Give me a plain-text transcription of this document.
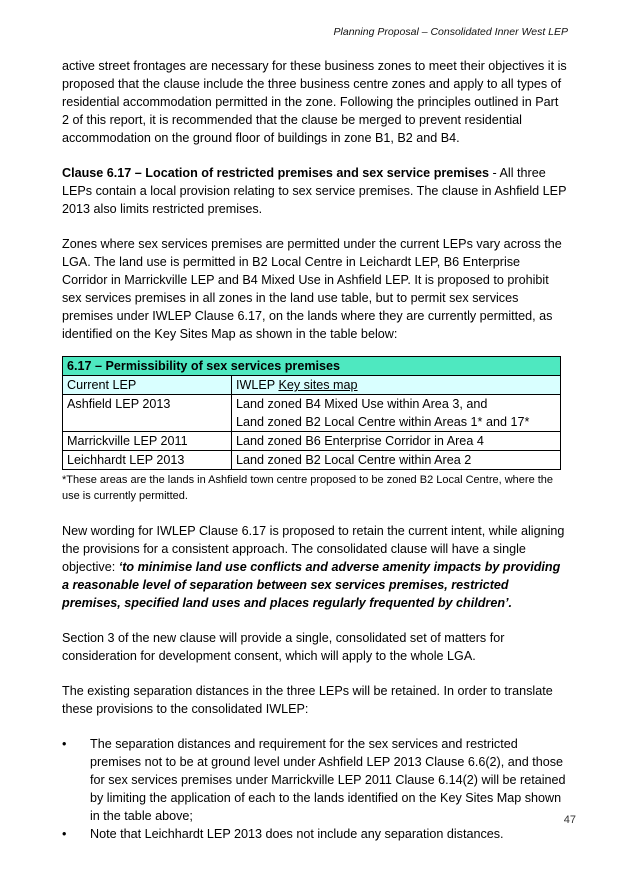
Planning Proposal – Consolidated Inner West LEP

active street frontages are necessary for these business zones to meet their objectives it is proposed that the clause include the three business centre zones and apply to all types of residential accommodation permitted in the zone. Following the principles outlined in Part 2 of this report, it is recommended that the clause be merged to prevent residential accommodation on the ground floor of buildings in zone B1, B2 and B4.

Clause 6.17 – Location of restricted premises and sex service premises - All three LEPs contain a local provision relating to sex service premises. The clause in Ashfield LEP 2013 also limits restricted premises.

Zones where sex services premises are permitted under the current LEPs vary across the LGA. The land use is permitted in B2 Local Centre in Leichardt LEP, B6 Enterprise Corridor in Marrickville LEP and B4 Mixed Use in Ashfield LEP. It is proposed to prohibit sex services premises in all zones in the land use table, but to permit sex services premises under IWLEP Clause 6.17, on the lands where they are currently permitted, as identified on the Key Sites Map as shown in the table below:

6.17 – Permissibility of sex services premises	
Current LEP	IWLEP Key sites map
Ashfield LEP 2013	Land zoned B4 Mixed Use within Area 3, and
Land zoned B2 Local Centre within Areas 1* and 17*

Marrickville LEP 2011	Land zoned B6 Enterprise Corridor in Area 4
Leichhardt LEP 2013	Land zoned B2 Local Centre within Area 2
*These areas are the lands in Ashfield town centre proposed to be zoned B2 Local Centre, where the use is currently permitted.

New wording for IWLEP Clause 6.17 is proposed to retain the current intent, while aligning the provisions for a consistent approach. The consolidated clause will have a single objective: ‘to minimise land use conflicts and adverse amenity impacts by providing a reasonable level of separation between sex services premises, restricted premises, specified land uses and places regularly frequented by children’.

Section 3 of the new clause will provide a single, consolidated set of matters for consideration for development consent, which will apply to the whole LGA.

The existing separation distances in the three LEPs will be retained. In order to translate these provisions to the consolidated IWLEP:

• The separation distances and requirement for the sex services and restricted premises not to be at ground level under Ashfield LEP 2013 Clause 6.6(2), and those for sex services premises under Marrickville LEP 2011 Clause 6.14(2) will be retained by limiting the application of each to the lands identified on the Key Sites Map shown in the table above;
• Note that Leichhardt LEP 2013 does not include any separation distances.
47
